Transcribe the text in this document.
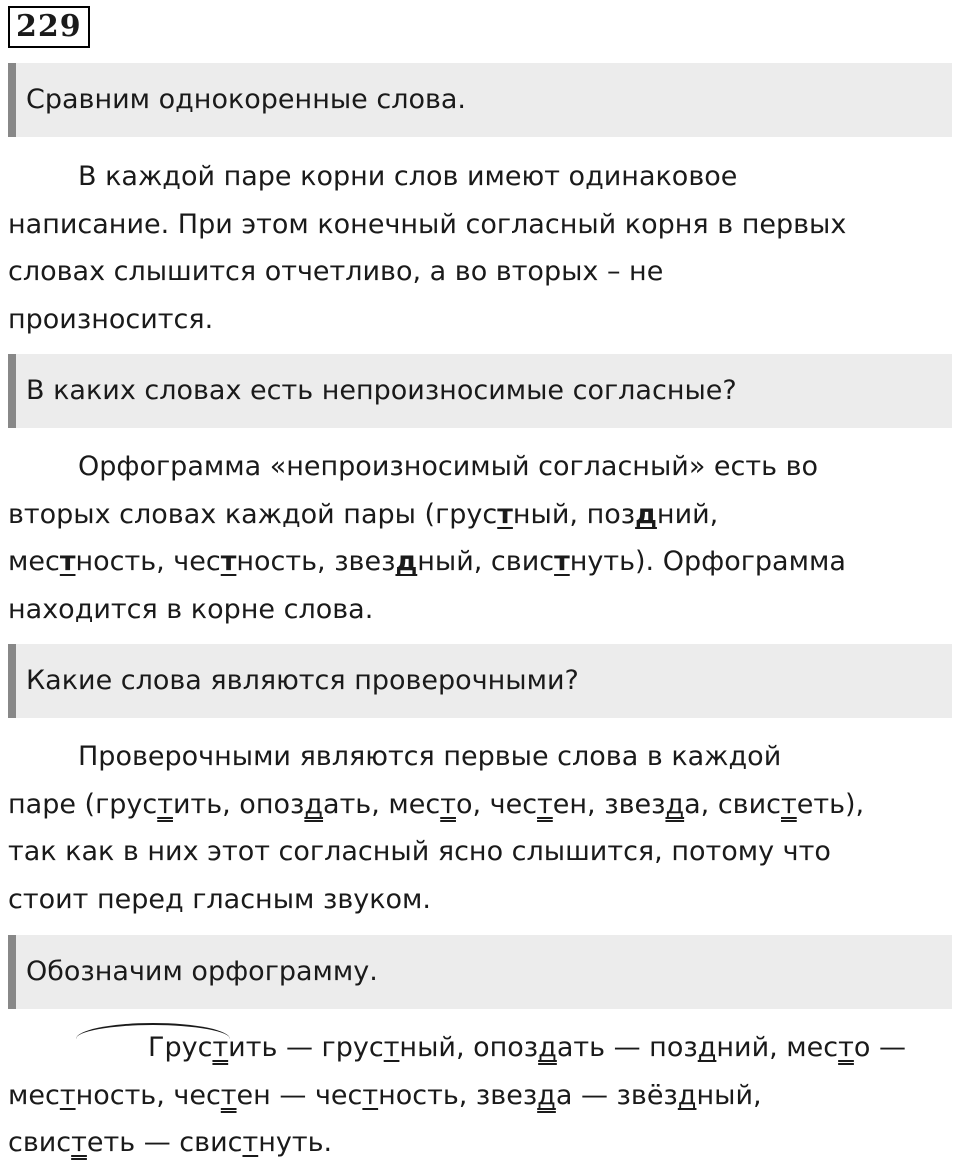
229
Сравним однокоренные слова.
В каждой паре корни слов имеют одинаковое
написание. При этом конечный согласный корня в первых
словах слышится отчетливо, а во вторых – не
произносится.
В каких словах есть непроизносимые согласные?
Орфограмма «непроизносимый согласный» есть во
вторых словах каждой пары (грустный, поздний,
местность, честность, звездный, свистнуть). Орфограмма
находится в корне слова.
Какие слова являются проверочными?
Проверочными являются первые слова в каждой
паре (грустить, опоздать, место, честен, звезда, свистеть),
так как в них этот согласный ясно слышится, потому что
стоит перед гласным звуком.
Обозначим орфограмму.
Грустить — грустный, опоздать — поздний, место —
местность, честен — честность, звезда — звёздный,
свистеть — свистнуть.
